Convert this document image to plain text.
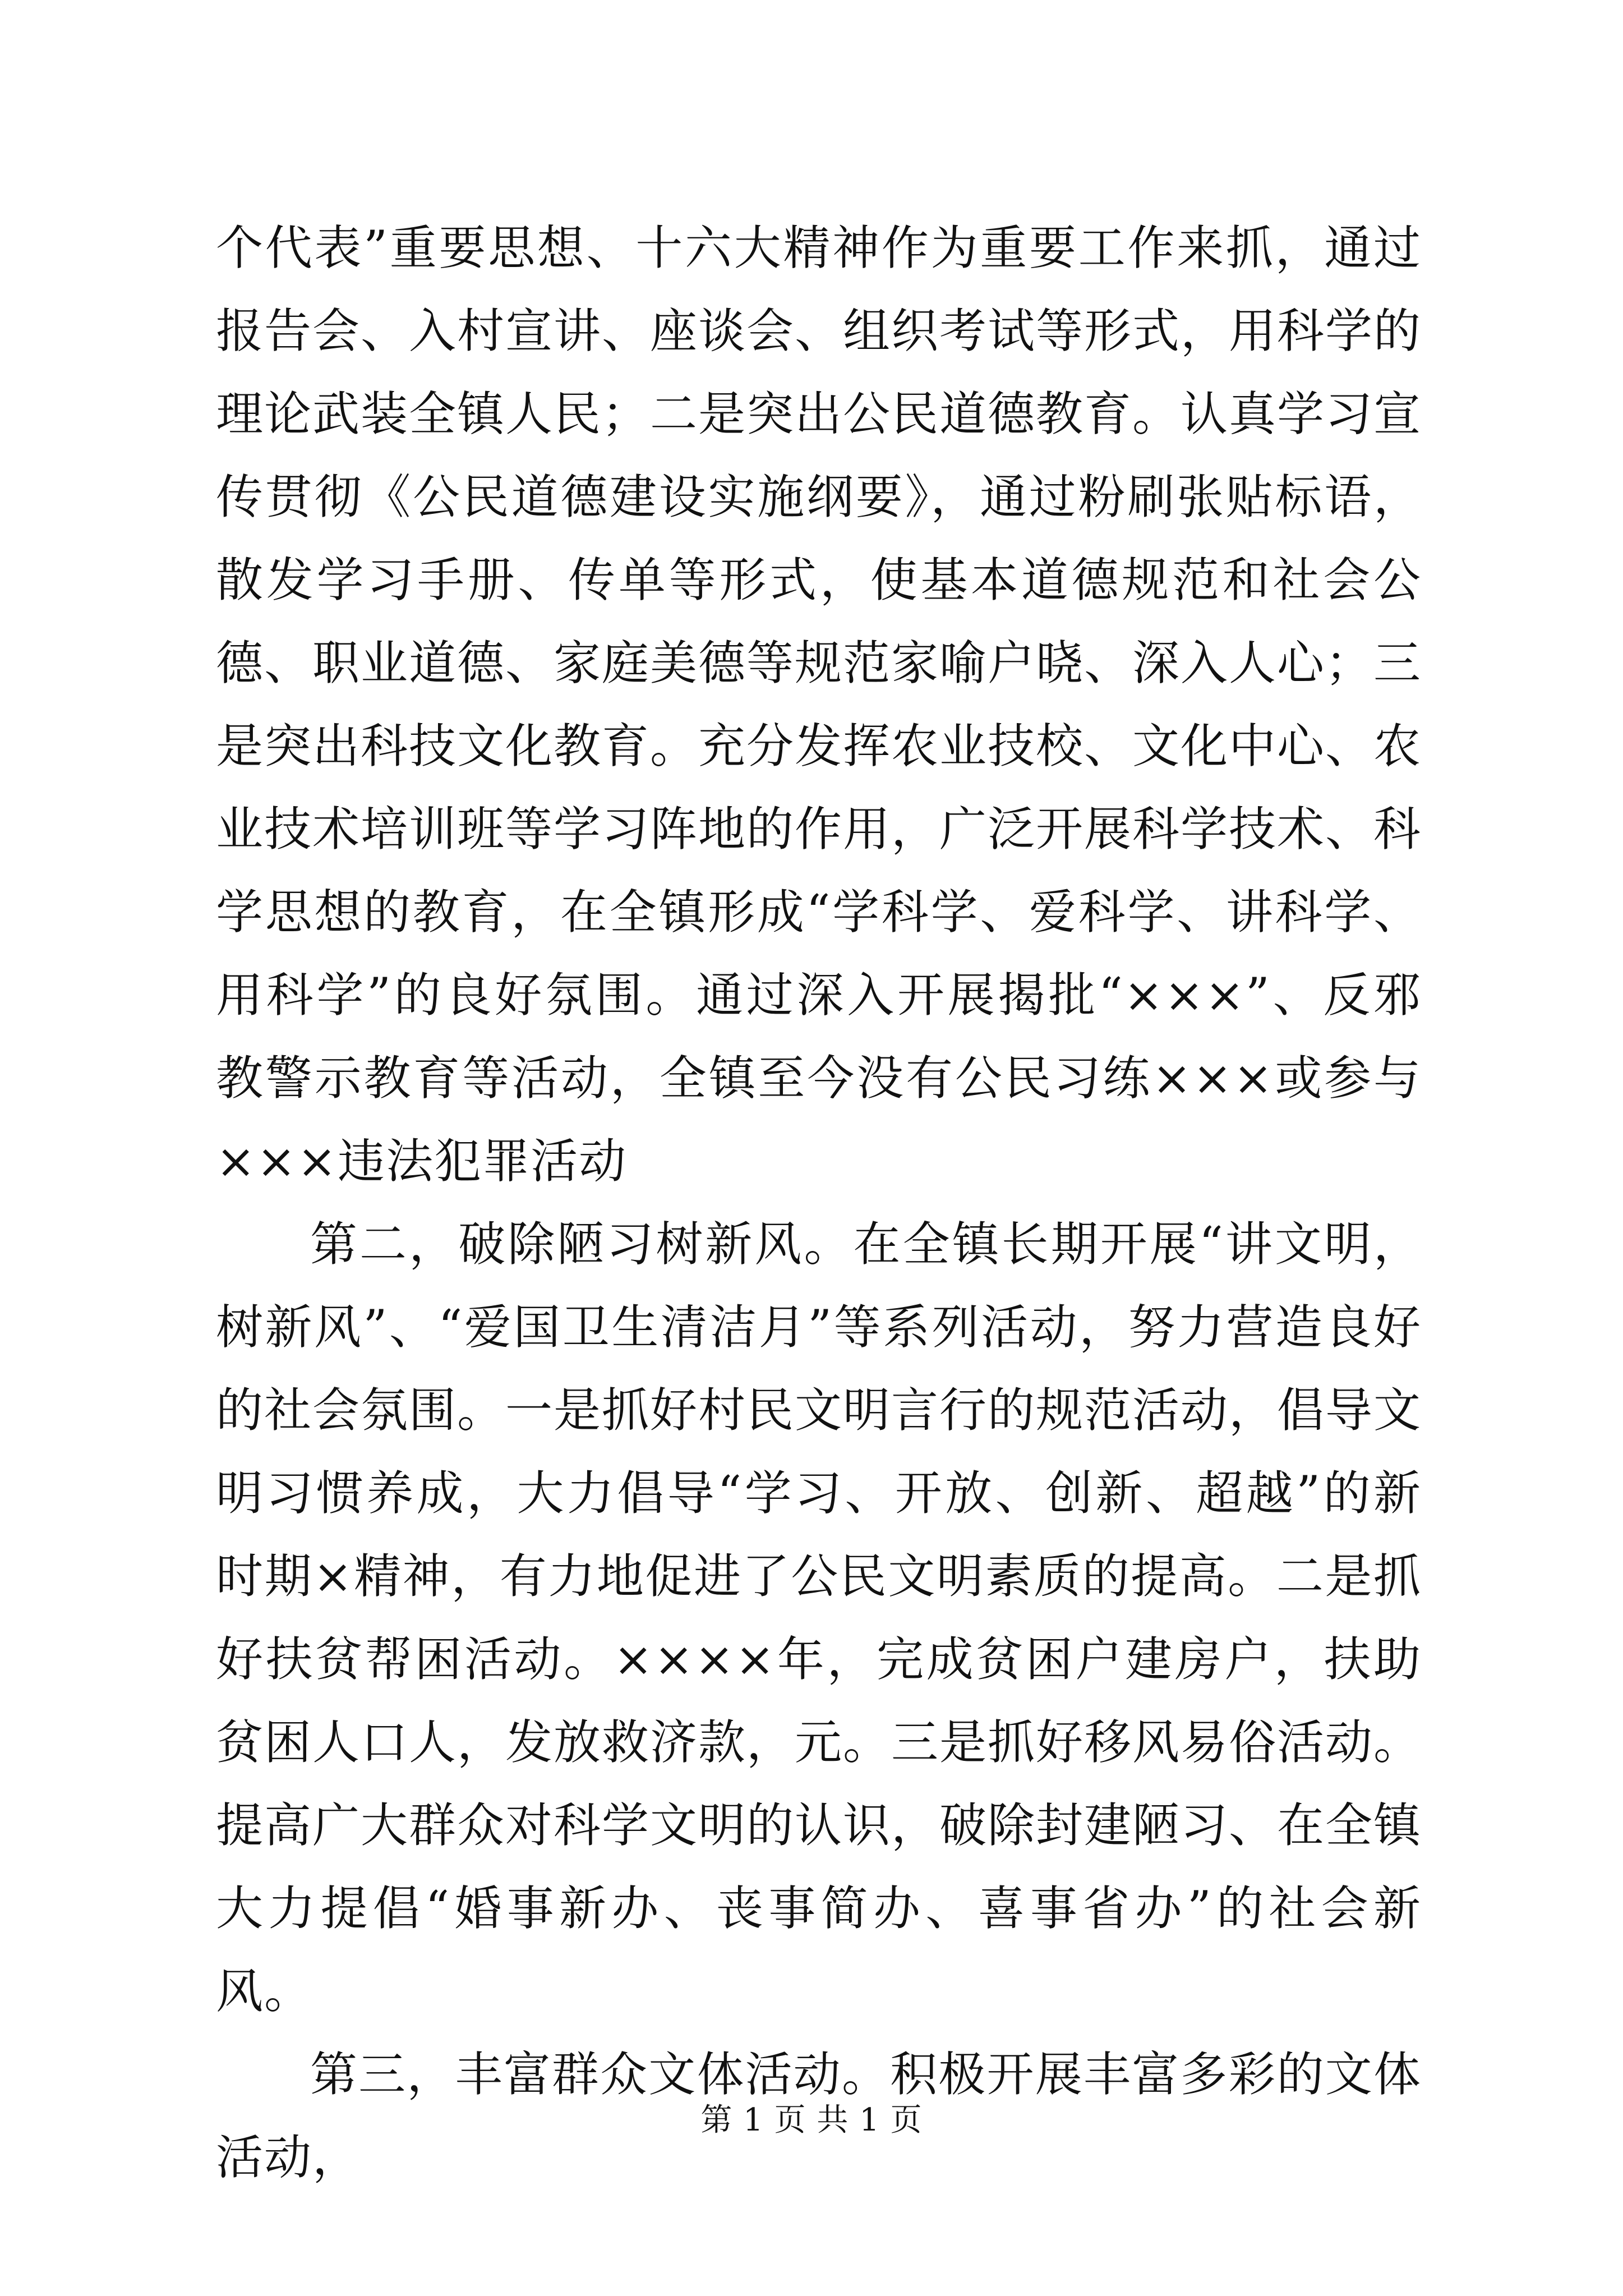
个代表”重要思想、十六大精神作为重要工作来抓，通过报告会、入村宣讲、座谈会、组织考试等形式，用科学的理论武装全镇人民；二是突出公民道德教育。认真学习宣传贯彻《公民道德建设实施纲要》，通过粉刷张贴标语，散发学习手册、传单等形式，使基本道德规范和社会公德、职业道德、家庭美德等规范家喻户晓、深入人心；三是突出科技文化教育。充分发挥农业技校、文化中心、农业技术培训班等学习阵地的作用，广泛开展科学技术、科学思想的教育，在全镇形成“学科学、爱科学、讲科学、用科学”的良好氛围。通过深入开展揭批“×××”、反邪教警示教育等活动，全镇至今没有公民习练×××或参与×××违法犯罪活动

第二，破除陋习树新风。在全镇长期开展“讲文明，树新风”、“爱国卫生清洁月”等系列活动，努力营造良好的社会氛围。一是抓好村民文明言行的规范活动，倡导文明习惯养成，大力倡导“学习、开放、创新、超越”的新时期×精神，有力地促进了公民文明素质的提高。二是抓好扶贫帮困活动。××××年，完成贫困户建房户，扶助贫困人口人，发放救济款，元。三是抓好移风易俗活动。提高广大群众对科学文明的认识，破除封建陋习、在全镇大力提倡“婚事新办、丧事简办、喜事省办”的社会新风。

第三，丰富群众文体活动。积极开展丰富多彩的文体活动，

第 1 页 共 1 页
